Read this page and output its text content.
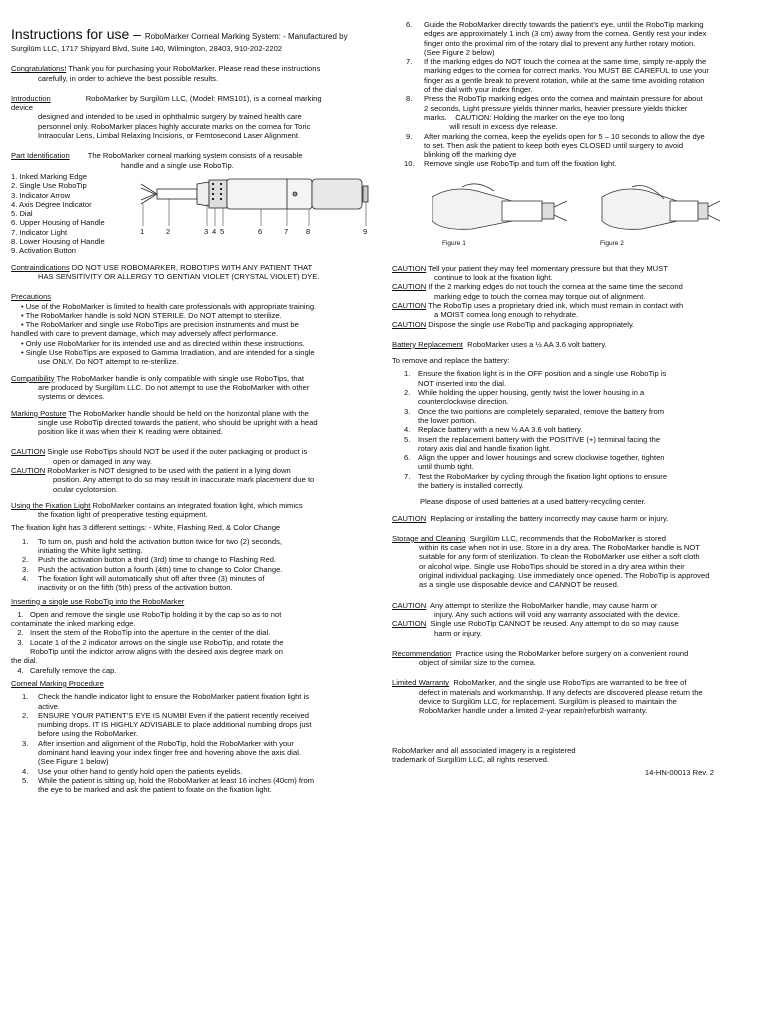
Instructions for use – RoboMarker Corneal Marking System: - Manufactured by

Surgilūm LLC, 1717 Shipyard Blvd, Suite 140, Wilmington, 28403, 910-202-2202

Congratulations! Thank you for purchasing your RoboMarker. Please read these instructions

carefully, in order to achieve the best possible results.

Introduction	RoboMarker by Surgilūm LLC, (Model: RMS101), is a corneal marking

device

designed and intended to be used in ophthalmic surgery by trained health care

personnel only. RoboMarker places highly accurate marks on the cornea for Toric

Intraocular Lens, Limbal Relaxing Incisions, or Femtosecond Laser Alignment.

Part Identification The RoboMarker corneal marking system consists of a reusable

handle and a single use RoboTip.

1. Inked Marking Edge

2. Single Use RoboTip

3. Indicator Arrow

4. Axis Degree Indicator

5. Dial

6. Upper Housing of Handle

7. Indicator Light

8. Lower Housing of Handle

9. Activation Button

1	2	3 4 5	6	7 8	9

Contraindications DO NOT USE ROBOMARKER, ROBOTIPS WITH ANY PATIENT THAT

HAS SENSITIVITY OR ALLERGY TO GENTIAN VIOLET (CRYSTAL VIOLET) DYE.

Precautions

• Use of the RoboMarker is limited to health care professionals with appropriate training.

• The RoboMarker handle is sold NON STERILE. Do NOT attempt to sterilize.

• The RoboMarker and single use RoboTips are precision instruments and must be

handled with care to prevent damage, which may adversely affect performance.

• Only use RoboMarker for its intended use and as directed within these instructions.

• Single Use RoboTips are exposed to Gamma Irradiation, and are intended for a single

use ONLY. Do NOT attempt to re-sterilize.

Compatibility The RoboMarker handle is only compatible with single use RoboTips, that

are produced by Surgilūm LLC. Do not attempt to use the RoboMarker with other

systems or devices.

Marking Posture The RoboMarker handle should be held on the horizontal plane with the

single use RoboTip directed towards the patient, who should be upright with a head

position like it was when their K reading were obtained.

CAUTION Single use RoboTips should NOT be used if the outer packaging or product is

open or damaged in any way.

CAUTION RoboMarker is NOT designed to be used with the patient in a lying down

position. Any attempt to do so may result in inaccurate mark placement due to

ocular cyclotorsion.

Using the Fixation Light RoboMarker contains an integrated fixation light, which mimics

the fixation light of preoperative testing equipment.

The fixation light has 3 different settings: - White, Flashing Red, & Color Change

1. To turn on, push and hold the activation button twice for two (2) seconds,
initiating the White light setting.
2. Push the activation button a third (3rd) time to change to Flashing Red.
3. Push the activation button a fourth (4th) time to change to Color Change.
4. The fixation light will automatically shut off after three (3) minutes of
inactivity or on the fifth (5th) press of the activation button.

Inserting a single use RoboTip into the RoboMarker

1.   Open and remove the single use RoboTip holding it by the cap so as to not

contaminate the inked marking edge.

2.   Insert the stem of the RoboTip into the aperture in the center of the dial.

3.   Locate 1 of the 2 indicator arrows on the single use RoboTip, and rotate the

RoboTip until the indictor arrow aligns with the desired axis degree mark on

the dial.

4.   Carefully remove the cap.

Corneal Marking Procedure

1. Check the handle indicator light to ensure the RoboMarker patient fixation light is
active.
2. ENSURE YOUR PATIENT’S EYE IS NUMB! Even if the patient recently received
numbing drops. IT IS HIGHLY ADVISABLE to place additional numbing drops just
before using the RoboMarker.
3. After insertion and alignment of the RoboTip, hold the RoboMarker with your
dominant hand leaving your index finger free and hovering above the axis dial.
(See Figure 1 below)
4. Use your other hand to gently hold open the patients eyelids.
5. While the patient is sitting up, hold the RoboMarker at least 16 inches (40cm) from
the eye to be marked and ask the patient to fixate on the fixation light.
6. Guide the RoboMarker directly towards the patient’s eye, until the RoboTip marking
edges are approximately 1 inch (3 cm) away from the cornea. Gently rest your index
finger onto the proximal rim of the rotary dial to prevent any further rotary motion.
(See Figure 2 below)
7. If the marking edges do NOT touch the cornea at the same time, simply re-apply the
marking edges to the cornea for correct marks. You MUST BE CAREFUL to use your
finger as a gentle break to prevent rotation, while at the same time avoiding rotation
of the dial with your index finger.
8. Press the RoboTip marking edges onto the cornea and maintain pressure for about
2 seconds, Light pressure yields thinner marks, heavier pressure yields thicker
marks.    CAUTION: Holding the marker on the eye too long
will result in excess dye release.
9. After marking the cornea, keep the eyelids open for 5 – 10 seconds to allow the dye
to set. Then ask the patient to keep both eyes CLOSED until surgery to avoid
blinking off the marking dye
10. Remove single use RoboTip and turn off the fixation light.
Figure 1	Figure 2

CAUTION Tell your patient they may feel momentary pressure but that they MUST

continue to look at the fixation light.

CAUTION If the 2 marking edges do not touch the cornea at the same time the second

marking edge to touch the cornea may torque out of alignment.

CAUTION The RoboTip uses a proprietary dried ink, which must remain in contact with

a MOIST cornea long enough to rehydrate.

CAUTION Dispose the single use RoboTip and packaging appropriately.

Battery Replacement  RoboMarker uses a ½ AA 3.6 volt battery.

To remove and replace the battery:

1. Ensure the fixation light is in the OFF position and a single use RoboTip is
NOT inserted into the dial.
2. While holding the upper housing, gently twist the lower housing in a
counterclockwise direction.
3. Once the two portions are completely separated, remove the battery from
the lower portion.
4. Replace battery with a new ½ AA 3.6 volt battery.
5. Insert the replacement battery with the POSITIVE (+) terminal facing the
rotary axis dial and handle fixation light.
6. Align the upper and lower housings and screw clockwise together, tighten
until thumb tight.
7. Test the RoboMarker by cycling through the fixation light options to ensure
the battery is installed correctly.

Please dispose of used batteries at a used battery-recycling center.

CAUTION  Replacing or installing the battery incorrectly may cause harm or injury.

Storage and Cleaning  Surgilūm LLC, recommends that the RoboMarker is stored

within its case when not in use. Store in a dry area. The RoboMarker handle is NOT

suitable for any form of sterilization. To clean the RoboMarker use either a soft cloth

or alcohol wipe. Single use RoboTips should be stored in a dry area within their

original individual packaging. Use immediately once opened. The RoboTip is approved

as a single use disposable device and CANNOT be reused.

CAUTION  Any attempt to sterilize the RoboMarker handle, may cause harm or

injury. Any such actions will void any warranty associated with the device.

CAUTION  Single use RoboTip CANNOT be reused. Any attempt to do so may cause

harm or injury.

Recommendation  Practice using the RoboMarker before surgery on a convenient round

object of similar size to the cornea.

Limited Warranty  RoboMarker, and the single use RoboTips are warranted to be free of

defect in materials and workmanship. If any defects are discovered please return the

device to Surgilūm LLC, for replacement. Surgilūm is pleased to maintain the

RoboMarker handle under a limited 2-year repair/refurbish warranty.

RoboMarker and all associated imagery is a registered

trademark of Surgilūm LLC, all rights reserved.

14-HN-00013 Rev. 2
